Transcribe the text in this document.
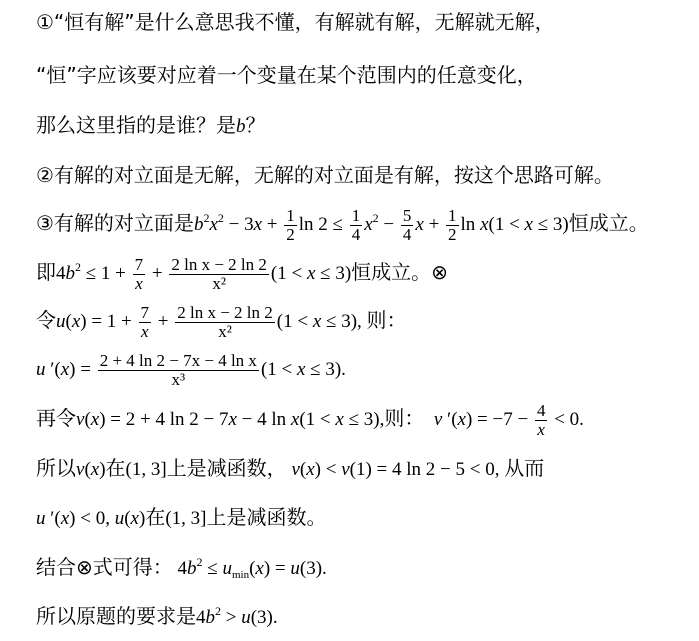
①“恒有解”是什么意思我不懂，有解就有解，无解就无解，
“恒”字应该要对应着一个变量在某个范围内的任意变化，
那么这里指的是谁？是b？
②有解的对立面是无解，无解的对立面是有解，按这个思路可解。
③有解的对立面是$b^2x^2 - 3x + \frac{1}{2}$ $\ln 2 \le \frac{1}{4} x^2 - \frac{5}{4}$ $x + \frac{1}{2}$ ln x(1 < x ≤ 3)恒成立。
即$4b^2 \le 1 + \frac{7}{x} + \frac{\text{2 ln x − 2 ln 2}}{\text{x²}} (1 < x \le 3)$恒成立。⊗
令$u(x) = 1 + \frac{7}{x} + \frac{\text{2 ln x − 2 ln 2}}{\text{x²}} (1 < x \le 3)$, 则：
u $'(x) = \frac{\text{2 + 4 ln 2 − 7x − 4 ln x}}{\text{x³}} (1 < x \le 3)$.
再令v(x) = 2 + 4 ln 2 − 7x − 4 ln x(1 < x ≤ 3),则： v $'(x) = -7 - \frac{4}{x} < 0$.
所以v(x)在(1, 3]上是减函数， v(x) < v(1) = 4 ln 2 − 5 < 0, 从而
u ′(x) < 0, u(x)在(1, 3]上是减函数。
结合⊗式可得： $4b^2 \le u_{min}(x) = u(3)$.
所以原题的要求是$4b^2 > u(3)$.
